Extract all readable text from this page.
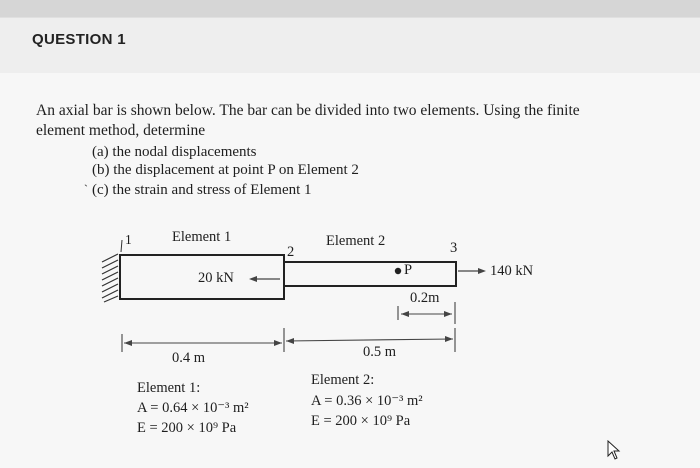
QUESTION 1
An axial bar is shown below. The bar can be divided into two elements. Using the finite
element method, determine
(a) the nodal displacements
(b) the displacement at point P on Element 2
` (c) the strain and stress of Element 1
1	Element 1
2
Element 2	3
20 kN	P	140 kN
0.2m
0.4 m	0.5 m
Element 1:
A = 0.64 × 10⁻³ m²
E = 200 × 10⁹ Pa
Element 2:
A = 0.36 × 10⁻³ m²
E = 200 × 10⁹ Pa
